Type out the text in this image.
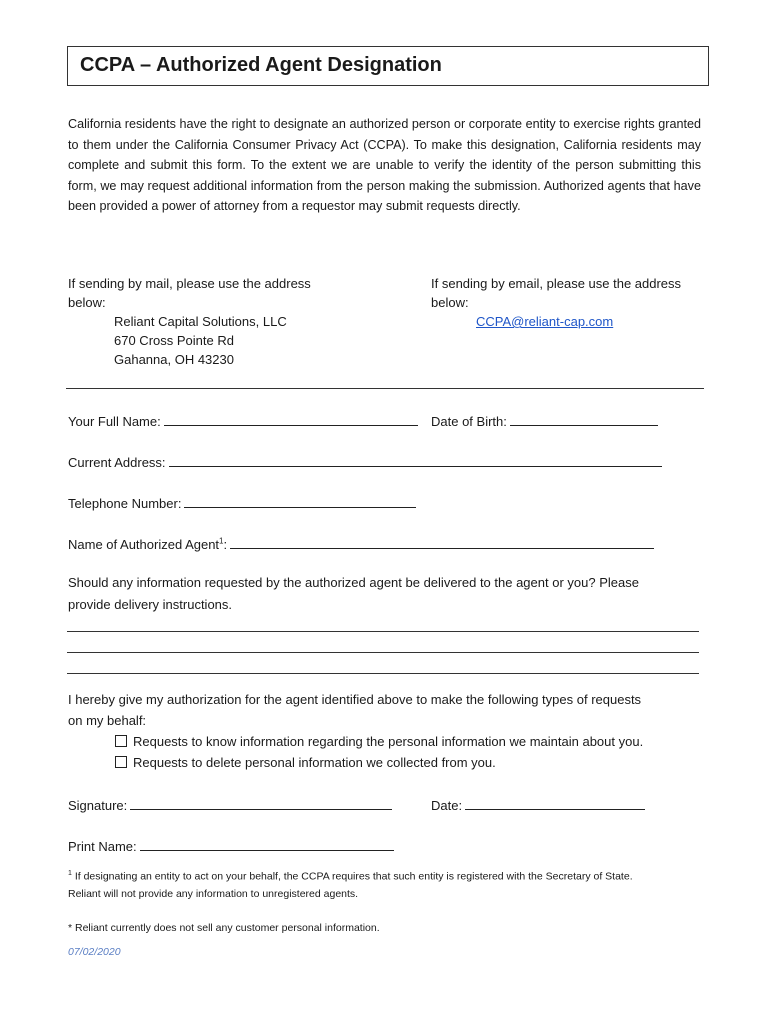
CCPA – Authorized Agent Designation
California residents have the right to designate an authorized person or corporate entity to exercise rights granted to them under the California Consumer Privacy Act (CCPA). To make this designation, California residents may complete and submit this form. To the extent we are unable to verify the identity of the person submitting this form, we may request additional information from the person making the submission. Authorized agents that have been provided a power of attorney from a requestor may submit requests directly.
If sending by mail, please use the address
below:
Reliant Capital Solutions, LLC
670 Cross Pointe Rd
Gahanna, OH 43230
If sending by email, please use the address
below:
CCPA@reliant-cap.com
Your Full Name:	Date of Birth:
Current Address:
Telephone Number:
Name of Authorized Agent$^1$:
Should any information requested by the authorized agent be delivered to the agent or you? Please
provide delivery instructions.
I hereby give my authorization for the agent identified above to make the following types of requests
on my behalf:
Requests to know information regarding the personal information we maintain about you.
Requests to delete personal information we collected from you.
Signature:	Date:
Print Name:
$^1$ If designating an entity to act on your behalf, the CCPA requires that such entity is registered with the Secretary of State.
Reliant will not provide any information to unregistered agents.
* Reliant currently does not sell any customer personal information.
07/02/2020
